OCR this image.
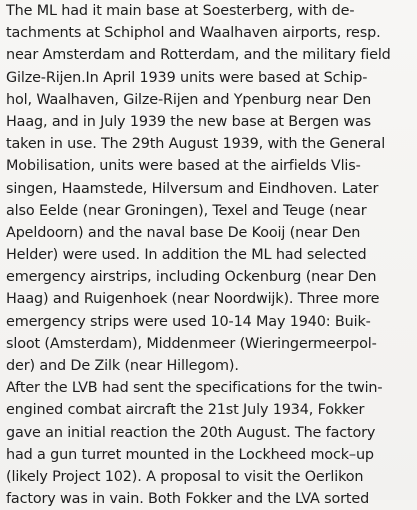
The ML had it main base at Soesterberg, with de-
tachments at Schiphol and Waalhaven airports, resp.
near Amsterdam and Rotterdam, and the military field
Gilze-Rijen.In April 1939 units were based at Schip-
hol, Waalhaven, Gilze-Rijen and Ypenburg near Den
Haag, and in July 1939 the new base at Bergen was
taken in use. The 29th August 1939, with the General
Mobilisation, units were based at the airfields Vlis-
singen, Haamstede, Hilversum and Eindhoven. Later
also Eelde (near Groningen), Texel and Teuge (near
Apeldoorn) and the naval base De Kooij (near Den
Helder) were used. In addition the ML had selected
emergency airstrips, including Ockenburg (near Den
Haag) and Ruigenhoek (near Noordwijk). Three more
emergency strips were used 10-14 May 1940: Buik-
sloot (Amsterdam), Middenmeer (Wieringermeerpol-
der) and De Zilk (near Hillegom).
After the LVB had sent the specifications for the twin-
engined combat aircraft the 21st July 1934, Fokker
gave an initial reaction the 20th August. The factory
had a gun turret mounted in the Lockheed mock–up
(likely Project 102). A proposal to visit the Oerlikon
factory was in vain. Both Fokker and the LVA sorted
